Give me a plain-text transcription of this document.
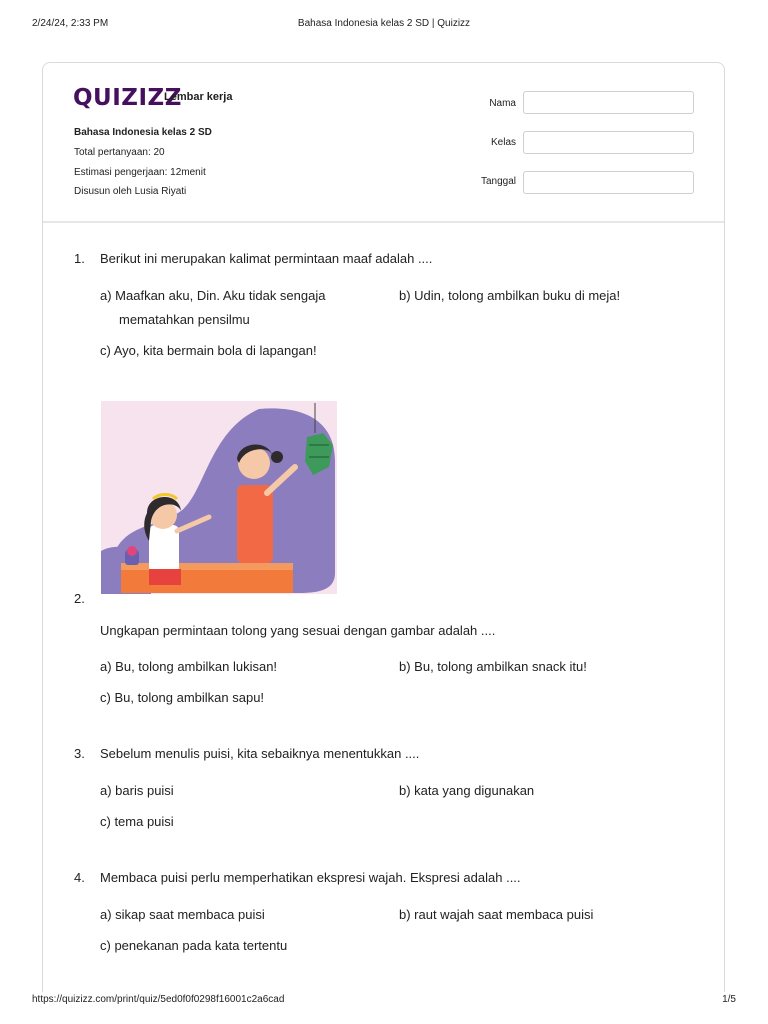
2/24/24, 2:33 PM	Bahasa Indonesia kelas 2 SD | Quizizz
QUIZIZZ
Lembar kerja
Bahasa Indonesia kelas 2 SD
Total pertanyaan: 20
Estimasi pengerjaan: 12menit
Disusun oleh Lusia Riyati
Nama
Kelas
Tanggal
1. Berikut ini merupakan kalimat permintaan maaf adalah ....
a) Maafkan aku, Din. Aku tidak sengaja
mematahkan pensilmu
b) Udin, tolong ambilkan buku di meja!
c) Ayo, kita bermain bola di lapangan!
2.
Ungkapan permintaan tolong yang sesuai dengan gambar adalah ....
a) Bu, tolong ambilkan lukisan!	b) Bu, tolong ambilkan snack itu!
c) Bu, tolong ambilkan sapu!
3. Sebelum menulis puisi, kita sebaiknya menentukkan ....
a) baris puisi	b) kata yang digunakan
c) tema puisi
4. Membaca puisi perlu memperhatikan ekspresi wajah. Ekspresi adalah ....
a) sikap saat membaca puisi	b) raut wajah saat membaca puisi
c) penekanan pada kata tertentu
https://quizizz.com/print/quiz/5ed0f0f0298f16001c2a6cad	1/5
